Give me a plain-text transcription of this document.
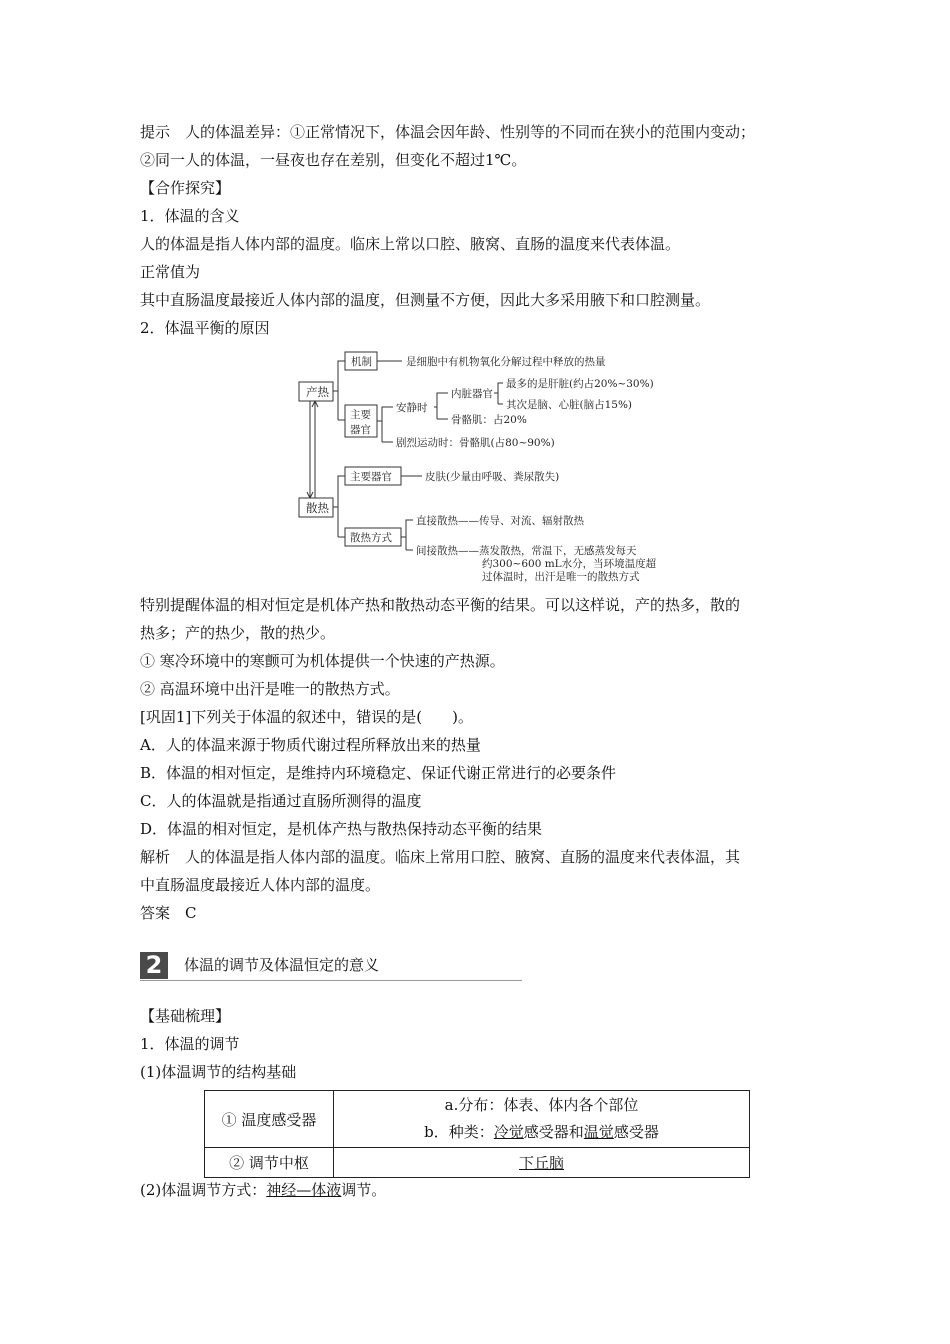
提示　人的体温差异：①正常情况下，体温会因年龄、性别等的不同而在狭小的范围内变动；
②同一人的体温，一昼夜也存在差别，但变化不超过1℃。
【合作探究】
1．体温的含义
人的体温是指人体内部的温度。临床上常以口腔、腋窝、直肠的温度来代表体温。
正常值为
其中直肠温度最接近人体内部的温度，但测量不方便，因此大多采用腋下和口腔测量。
2．体温平衡的原因
产热
散热
机制	是细胞中有机物氧化分解过程中释放的热量
主要
器官
安静时
内脏器官
最多的是肝脏(约占20%~30%)
其次是脑、心脏(脑占15%)
骨骼肌：占20%
剧烈运动时：骨骼肌(占80~90%)
主要器官	皮肤(少量由呼吸、粪尿散失)
散热方式
直接散热——传导、对流、辐射散热
间接散热——蒸发散热，常温下，无感蒸发每天
约300~600 mL水分，当环境温度超
过体温时，出汗是唯一的散热方式
特别提醒体温的相对恒定是机体产热和散热动态平衡的结果。可以这样说，产的热多，散的
热多；产的热少，散的热少。
① 寒冷环境中的寒颤可为机体提供一个快速的产热源。
② 高温环境中出汗是唯一的散热方式。
[巩固1]下列关于体温的叙述中，错误的是(　　)。
A．人的体温来源于物质代谢过程所释放出来的热量
B．体温的相对恒定，是维持内环境稳定、保证代谢正常进行的必要条件
C．人的体温就是指通过直肠所测得的温度
D．体温的相对恒定，是机体产热与散热保持动态平衡的结果
解析　人的体温是指人体内部的温度。临床上常用口腔、腋窝、直肠的温度来代表体温，其
中直肠温度最接近人体内部的温度。
答案　C
2	体温的调节及体温恒定的意义
【基础梳理】
1．体温的调节
(1)体温调节的结构基础
① 温度感受器	a.分布：体表、体内各个部位
b．种类：冷觉感受器和温觉感受器

② 调节中枢	下丘脑
(2)体温调节方式：神经—体液调节。
